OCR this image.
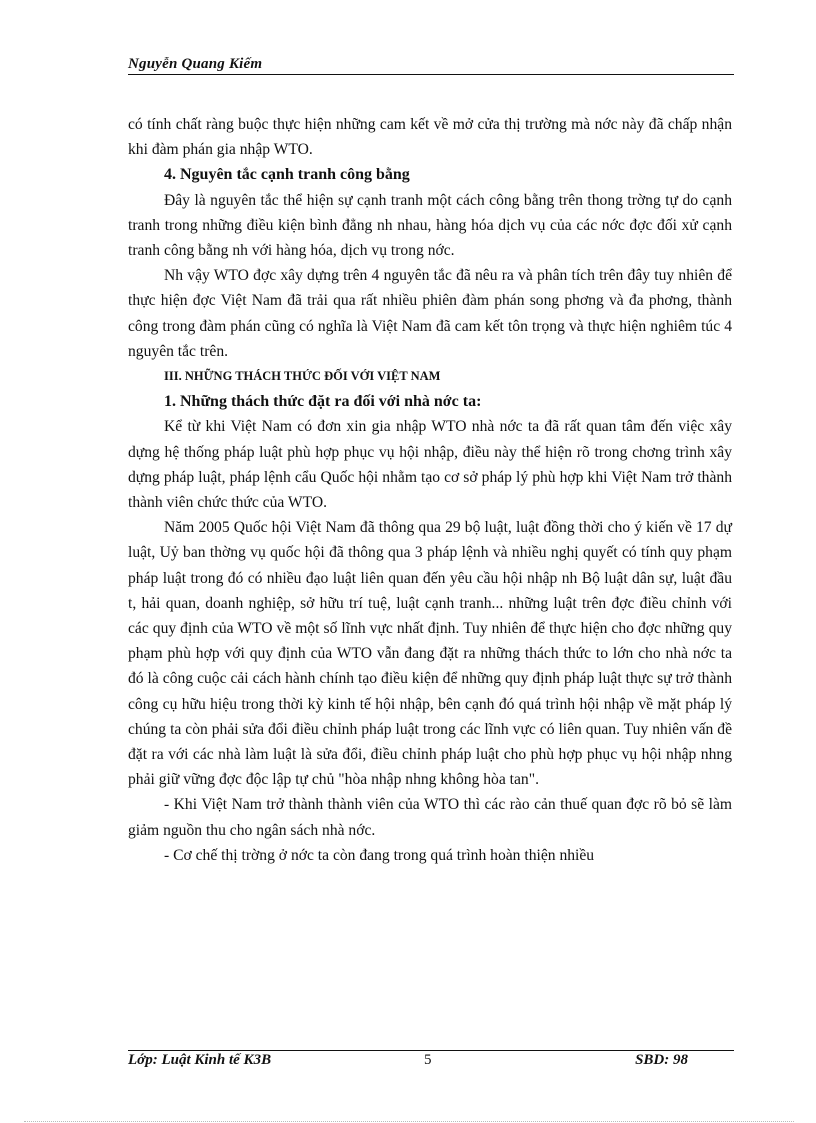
Nguyễn Quang Kiếm

có tính chất ràng buộc thực hiện những cam kết về mở cửa thị trường mà nớc này đã chấp nhận khi đàm phán gia nhập WTO.

4. Nguyên tắc cạnh tranh công bằng

Đây là nguyên tắc thể hiện sự cạnh tranh một cách công bằng trên thong trờng tự do cạnh tranh trong những điều kiện bình đẳng nh nhau, hàng hóa dịch vụ của các nớc đợc đối xử cạnh tranh công bằng nh với hàng hóa, dịch vụ trong nớc.

Nh vậy WTO đợc xây dựng trên 4 nguyên tắc đã nêu ra và phân tích trên đây tuy nhiên để thực hiện đợc Việt Nam đã trải qua rất nhiều phiên đàm phán song phơng và đa phơng, thành công trong đàm phán cũng có nghĩa là Việt Nam đã cam kết tôn trọng và thực hiện nghiêm túc 4 nguyên tắc trên.

III. NHỮNG THÁCH THỨC ĐỐI VỚI VIỆT NAM
1. Những thách thức đặt ra đối với nhà nớc ta:

Kể từ khi Việt Nam có đơn xin gia nhập WTO nhà nớc ta đã rất quan tâm đến việc xây dựng hệ thống pháp luật phù hợp phục vụ hội nhập, điều này thể hiện rõ trong chơng trình xây dựng pháp luật, pháp lệnh cẩu Quốc hội nhằm tạo cơ sở pháp lý phù hợp khi Việt Nam trở thành thành viên chức thức của WTO.

Năm 2005 Quốc hội Việt Nam đã thông qua 29 bộ luật, luật đồng thời cho ý kiến về 17 dự luật, Uỷ ban thờng vụ quốc hội đã thông qua 3 pháp lệnh và nhiều nghị quyết có tính quy phạm pháp luật trong đó có nhiều đạo luật liên quan đến yêu cầu hội nhập nh Bộ luật dân sự, luật đầu t, hải quan, doanh nghiệp, sở hữu trí tuệ, luật cạnh tranh... những luật trên đợc điều chỉnh với các quy định của WTO về một số lĩnh vực nhất định. Tuy nhiên để thực hiện cho đợc những quy phạm phù hợp với quy định của WTO vẫn đang đặt ra những thách thức to lớn cho nhà nớc ta đó là công cuộc cải cách hành chính tạo điều kiện để những quy định pháp luật thực sự trở thành công cụ hữu hiệu trong thời kỳ kinh tế hội nhập, bên cạnh đó quá trình hội nhập về mặt pháp lý chúng ta còn phải sửa đổi điều chỉnh pháp luật trong các lĩnh vực có liên quan. Tuy nhiên vấn đề đặt ra với các nhà làm luật là sửa đổi, điều chỉnh pháp luật cho phù hợp phục vụ hội nhập nhng phải giữ vững đợc độc lập tự chủ "hòa nhập nhng không hòa tan".

- Khi Việt Nam trở thành thành viên của WTO thì các rào cản thuế quan đợc rõ bỏ sẽ làm giảm nguồn thu cho ngân sách nhà nớc.

- Cơ chế thị trờng ở nớc ta còn đang trong quá trình hoàn thiện nhiều

Lớp: Luật Kinh tế K3B	5	SBD: 98
